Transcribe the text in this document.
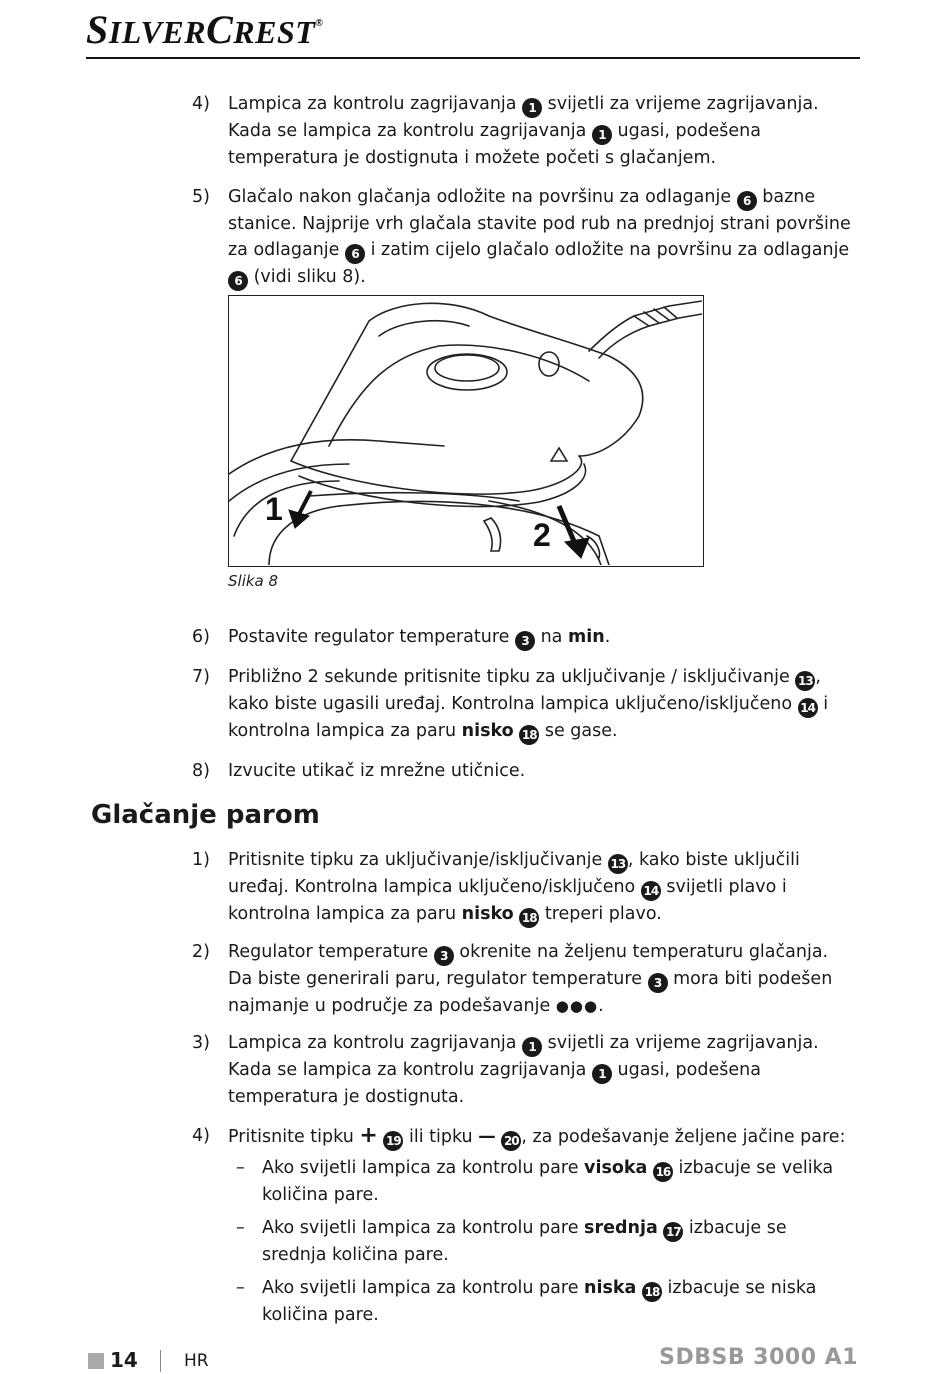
SILVERCREST®
4) Lampica za kontrolu zagrijavanja 1 svijetli za vrijeme zagrijavanja. Kada se lampica za kontrolu zagrijavanja 1 ugasi, podešena temperatura je dostignuta i možete početi s glačanjem.
5) Glačalo nakon glačanja odložite na površinu za odlaganje 6 bazne stanice. Najprije vrh glačala stavite pod rub na prednjoj strani površine za odlaganje 6 i zatim cijelo glačalo odložite na površinu za odlaganje 6 (vidi sliku 8).
1
2
Slika 8
6) Postavite regulator temperature 3 na min.
7) Približno 2 sekunde pritisnite tipku za uključivanje / isključivanje 13 , kako biste ugasili uređaj. Kontrolna lampica uključeno/isključeno 14 i kontrolna lampica za paru nisko 18 se gase.
8) Izvucite utikač iz mrežne utičnice.
Glačanje parom
1) Pritisnite tipku za uključivanje/isključivanje 13 , kako biste uključili uređaj. Kontrolna lampica uključeno/isključeno 14 svijetli plavo i kontrolna lampica za paru nisko 18 treperi plavo.
2) Regulator temperature 3 okrenite na željenu temperaturu glačanja. Da biste generirali paru, regulator temperature 3 mora biti podešen najmanje u područje za podešavanje ●●●.
3) Lampica za kontrolu zagrijavanja 1 svijetli za vrijeme zagrijavanja. Kada se lampica za kontrolu zagrijavanja 1 ugasi, podešena temperatura je dostignuta.
4) Pritisnite tipku + 19 ili tipku — 20 , za podešavanje željene jačine pare:
– Ako svijetli lampica za kontrolu pare visoka 16 izbacuje se velika količina pare.
– Ako svijetli lampica za kontrolu pare srednja 17 izbacuje se srednja količina pare.
– Ako svijetli lampica za kontrolu pare niska 18 izbacuje se niska količina pare.
14	HR	SDBSB 3000 A1
